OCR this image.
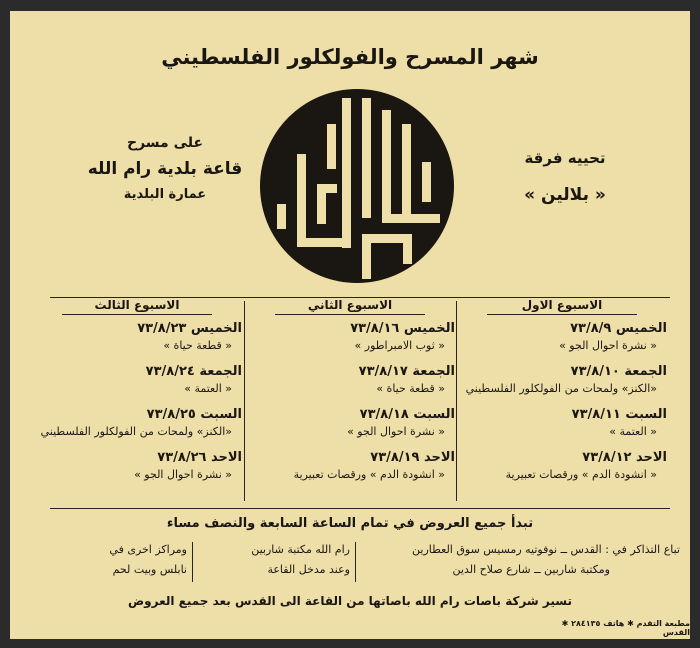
شهر المسرح والفولكلور الفلسطيني
على مسرح
قاعة بلدية رام الله
عمارة البلدية
تحييه فرقة
« بلالين »
الاسبوع الاول
الخميس ٧٣/٨/٩
« نشرة احوال الجو »
الجمعة ٧٣/٨/١٠
«الكنز» ولمحات من الفولكلور الفلسطيني
السبت ٧٣/٨/١١
« العتمة »
الاحد ٧٣/٨/١٢
« انشودة الدم » ورقصات تعبيرية
الاسبوع الثاني
الخميس ٧٣/٨/١٦
« ثوب الامبراطور »
الجمعة ٧٣/٨/١٧
« قطعة حياة »
السبت ٧٣/٨/١٨
« نشرة احوال الجو »
الاحد ٧٣/٨/١٩
« انشودة الدم » ورقصات تعبيرية
الاسبوع الثالث
الخميس ٧٣/٨/٢٣
« قطعة حياة »
الجمعة ٧٣/٨/٢٤
« العتمة »
السبت ٧٣/٨/٢٥
«الكنز» ولمحات من الفولكلور الفلسطيني
الاحد ٧٣/٨/٢٦
« نشرة احوال الجو »
تبدأ جميع العروض في تمام الساعة السابعة والنصف مساء
تباع التذاكر في : القدس ــ نوفوتيه رمسيس سوق العطارين
ومكتبة شاربين ــ شارع صلاح الدين
رام الله مكتبة شاربين
وعند مدخل القاعة
ومراكز اخرى في
نابلس وبيت لحم
تسير شركة باصات رام الله باصاتها من القاعة الى القدس بعد جميع العروض
مطبعة التقدم ✱ هاتف ٢٨٤١٣٥ ✱ القدس
